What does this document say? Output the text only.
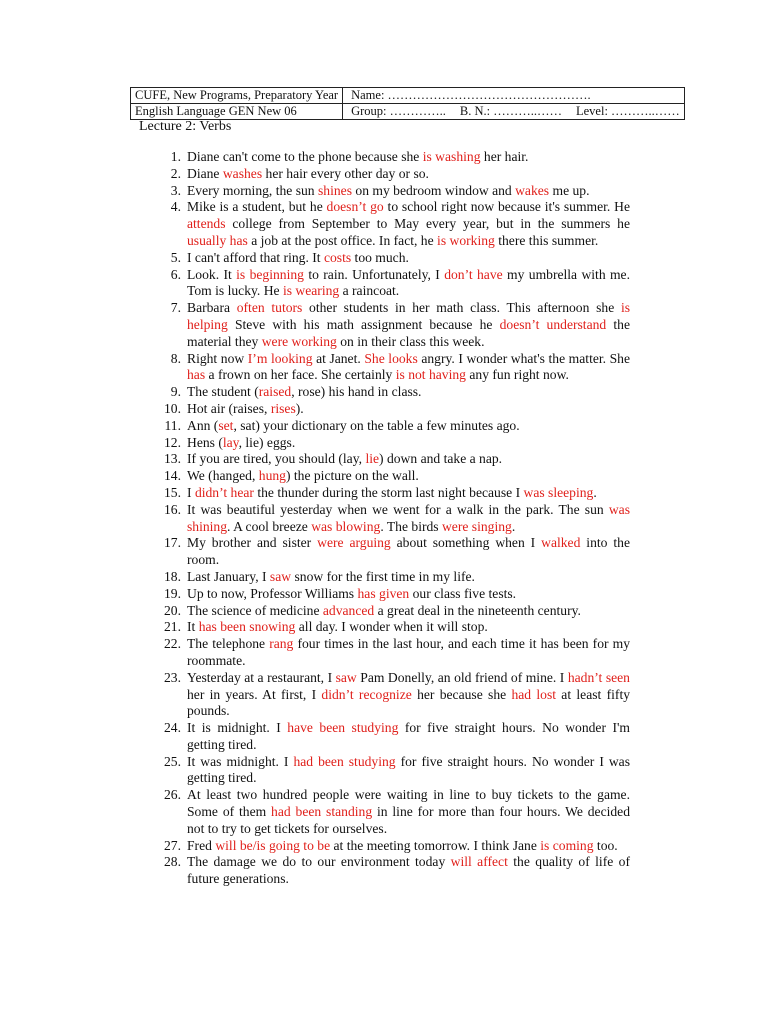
CUFE, New Programs, Preparatory Year	Name: ………………………………………….
English Language GEN New 06	Group: ………….. B. N.: ………..…… Level: ………..……
Lecture 2: Verbs
1. Diane can't come to the phone because she is washing her hair.
2. Diane washes her hair every other day or so.
3. Every morning, the sun shines on my bedroom window and wakes me up.
4. Mike is a student, but he doesn’t go to school right now because it's summer. He attends college from September to May every year, but in the summers he usually has a job at the post office. In fact, he is working there this summer.
5. I can't afford that ring. It costs too much.
6. Look. It is beginning to rain. Unfortunately, I don’t have my umbrella with me. Tom is lucky. He is wearing a raincoat.
7. Barbara often tutors other students in her math class. This afternoon she is helping Steve with his math assignment because he doesn’t understand the material they were working on in their class this week.
8. Right now I’m looking at Janet. She looks angry. I wonder what's the matter. She has a frown on her face. She certainly is not having any fun right now.
9. The student (raised, rose) his hand in class.
10. Hot air (raises, rises).
11. Ann (set, sat) your dictionary on the table a few minutes ago.
12. Hens (lay, lie) eggs.
13. If you are tired, you should (lay, lie) down and take a nap.
14. We (hanged, hung) the picture on the wall.
15. I didn’t hear the thunder during the storm last night because I was sleeping.
16. It was beautiful yesterday when we went for a walk in the park. The sun was shining. A cool breeze was blowing. The birds were singing.
17. My brother and sister were arguing about something when I walked into the room.
18. Last January, I saw snow for the first time in my life.
19. Up to now, Professor Williams has given our class five tests.
20. The science of medicine advanced a great deal in the nineteenth century.
21. It has been snowing all day. I wonder when it will stop.
22. The telephone rang four times in the last hour, and each time it has been for my roommate.
23. Yesterday at a restaurant, I saw Pam Donelly, an old friend of mine. I hadn’t seen her in years. At first, I didn’t recognize her because she had lost at least fifty pounds.
24. It is midnight. I have been studying for five straight hours. No wonder I'm getting tired.
25. It was midnight. I had been studying for five straight hours. No wonder I was getting tired.
26. At least two hundred people were waiting in line to buy tickets to the game. Some of them had been standing in line for more than four hours. We decided not to try to get tickets for ourselves.
27. Fred will be/is going to be at the meeting tomorrow. I think Jane is coming too.
28. The damage we do to our environment today will affect the quality of life of future generations.
